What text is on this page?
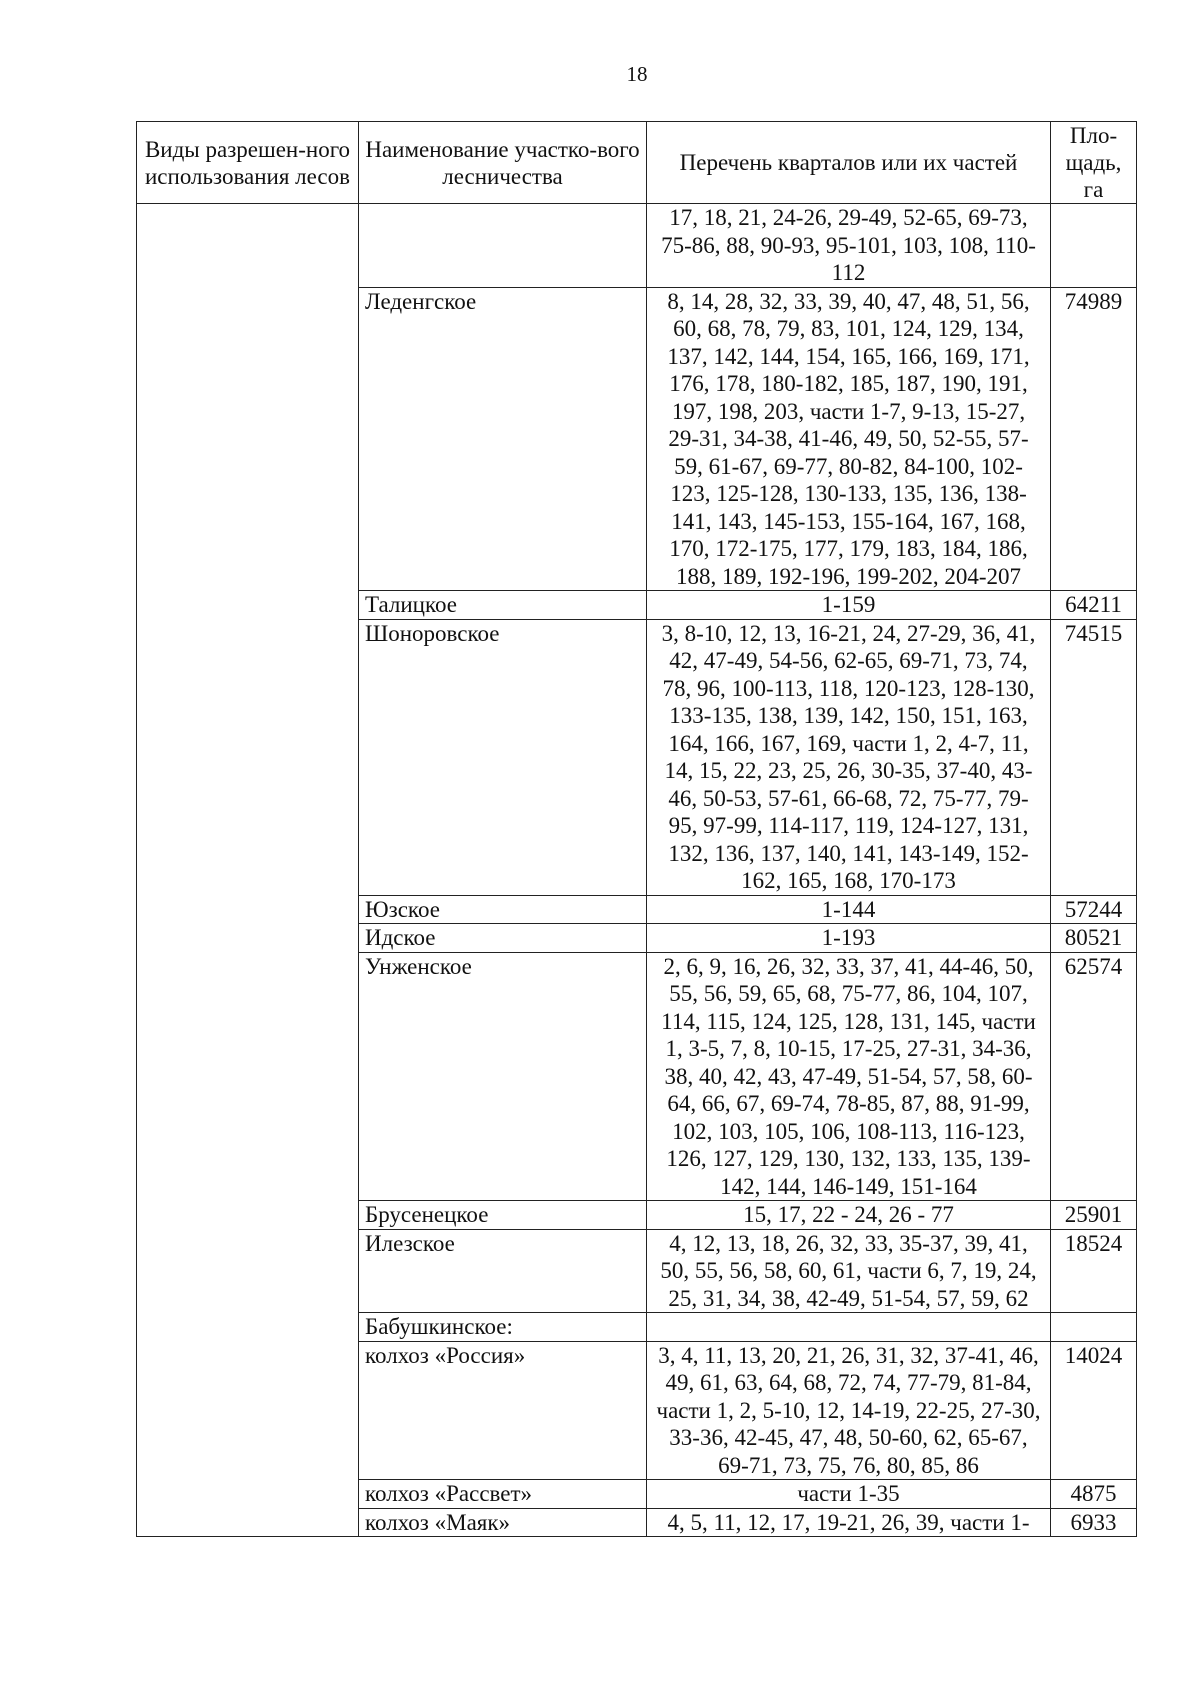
18
Виды разрешен-ного использования лесов	Наименование участко-вого лесничества	Перечень кварталов или их частей	Пло-щадь, га
		17, 18, 21, 24-26, 29-49, 52-65, 69-73, 75-86, 88, 90-93, 95-101, 103, 108, 110-112	
	Леденгское	8, 14, 28, 32, 33, 39, 40, 47, 48, 51, 56, 60, 68, 78, 79, 83, 101, 124, 129, 134, 137, 142, 144, 154, 165, 166, 169, 171, 176, 178, 180-182, 185, 187, 190, 191, 197, 198, 203, части 1-7, 9-13, 15-27, 29-31, 34-38, 41-46, 49, 50, 52-55, 57-59, 61-67, 69-77, 80-82, 84-100, 102-123, 125-128, 130-133, 135, 136, 138-141, 143, 145-153, 155-164, 167, 168, 170, 172-175, 177, 179, 183, 184, 186, 188, 189, 192-196, 199-202, 204-207	74989
	Талицкое	1-159	64211
	Шоноровское	3, 8-10, 12, 13, 16-21, 24, 27-29, 36, 41, 42, 47-49, 54-56, 62-65, 69-71, 73, 74, 78, 96, 100-113, 118, 120-123, 128-130, 133-135, 138, 139, 142, 150, 151, 163, 164, 166, 167, 169, части 1, 2, 4-7, 11, 14, 15, 22, 23, 25, 26, 30-35, 37-40, 43-46, 50-53, 57-61, 66-68, 72, 75-77, 79-95, 97-99, 114-117, 119, 124-127, 131, 132, 136, 137, 140, 141, 143-149, 152-162, 165, 168, 170-173	74515
	Юзское	1-144	57244
	Идское	1-193	80521
	Унженское	2, 6, 9, 16, 26, 32, 33, 37, 41, 44-46, 50, 55, 56, 59, 65, 68, 75-77, 86, 104, 107, 114, 115, 124, 125, 128, 131, 145, части 1, 3-5, 7, 8, 10-15, 17-25, 27-31, 34-36, 38, 40, 42, 43, 47-49, 51-54, 57, 58, 60-64, 66, 67, 69-74, 78-85, 87, 88, 91-99, 102, 103, 105, 106, 108-113, 116-123, 126, 127, 129, 130, 132, 133, 135, 139-142, 144, 146-149, 151-164	62574
	Брусенецкое	15, 17, 22 - 24, 26 - 77	25901
	Илезское	4, 12, 13, 18, 26, 32, 33, 35-37, 39, 41, 50, 55, 56, 58, 60, 61, части 6, 7, 19, 24, 25, 31, 34, 38, 42-49, 51-54, 57, 59, 62	18524
	Бабушкинское:		
	колхоз «Россия»	3, 4, 11, 13, 20, 21, 26, 31, 32, 37-41, 46, 49, 61, 63, 64, 68, 72, 74, 77-79, 81-84, части 1, 2, 5-10, 12, 14-19, 22-25, 27-30, 33-36, 42-45, 47, 48, 50-60, 62, 65-67, 69-71, 73, 75, 76, 80, 85, 86	14024
	колхоз «Рассвет»	части 1-35	4875
	колхоз «Маяк»	4, 5, 11, 12, 17, 19-21, 26, 39, части 1-	6933
